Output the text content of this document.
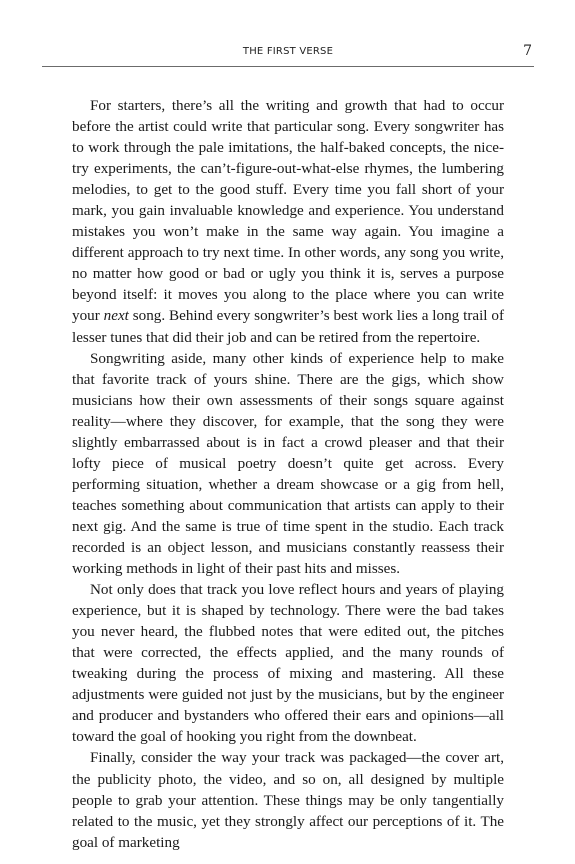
THE FIRST VERSE	7

For starters, there’s all the writing and growth that had to occur before the artist could write that particular song. Every songwriter has to work through the pale imitations, the half-baked concepts, the nice-try experiments, the can’t-figure-out-what-else rhymes, the lumbering melodies, to get to the good stuff. Every time you fall short of your mark, you gain invaluable knowledge and experience. You understand mistakes you won’t make in the same way again. You imagine a different approach to try next time. In other words, any song you write, no matter how good or bad or ugly you think it is, serves a purpose beyond itself: it moves you along to the place where you can write your next song. Behind every songwriter’s best work lies a long trail of lesser tunes that did their job and can be retired from the repertoire.

Songwriting aside, many other kinds of experience help to make that favorite track of yours shine. There are the gigs, which show musicians how their own assessments of their songs square against reality—where they discover, for example, that the song they were slightly embarrassed about is in fact a crowd pleaser and that their lofty piece of musical poetry doesn’t quite get across. Every performing situation, whether a dream showcase or a gig from hell, teaches something about communication that artists can apply to their next gig. And the same is true of time spent in the studio. Each track recorded is an object lesson, and musicians constantly reassess their working methods in light of their past hits and misses.

Not only does that track you love reflect hours and years of playing experience, but it is shaped by technology. There were the bad takes you never heard, the flubbed notes that were edited out, the pitches that were corrected, the effects applied, and the many rounds of tweaking during the process of mixing and mastering. All these adjustments were guided not just by the musicians, but by the engineer and producer and bystanders who offered their ears and opinions—all toward the goal of hooking you right from the downbeat.

Finally, consider the way your track was packaged—the cover art, the publicity photo, the video, and so on, all designed by multiple people to grab your attention. These things may be only tangentially related to the music, yet they strongly affect our perceptions of it. The goal of marketing
